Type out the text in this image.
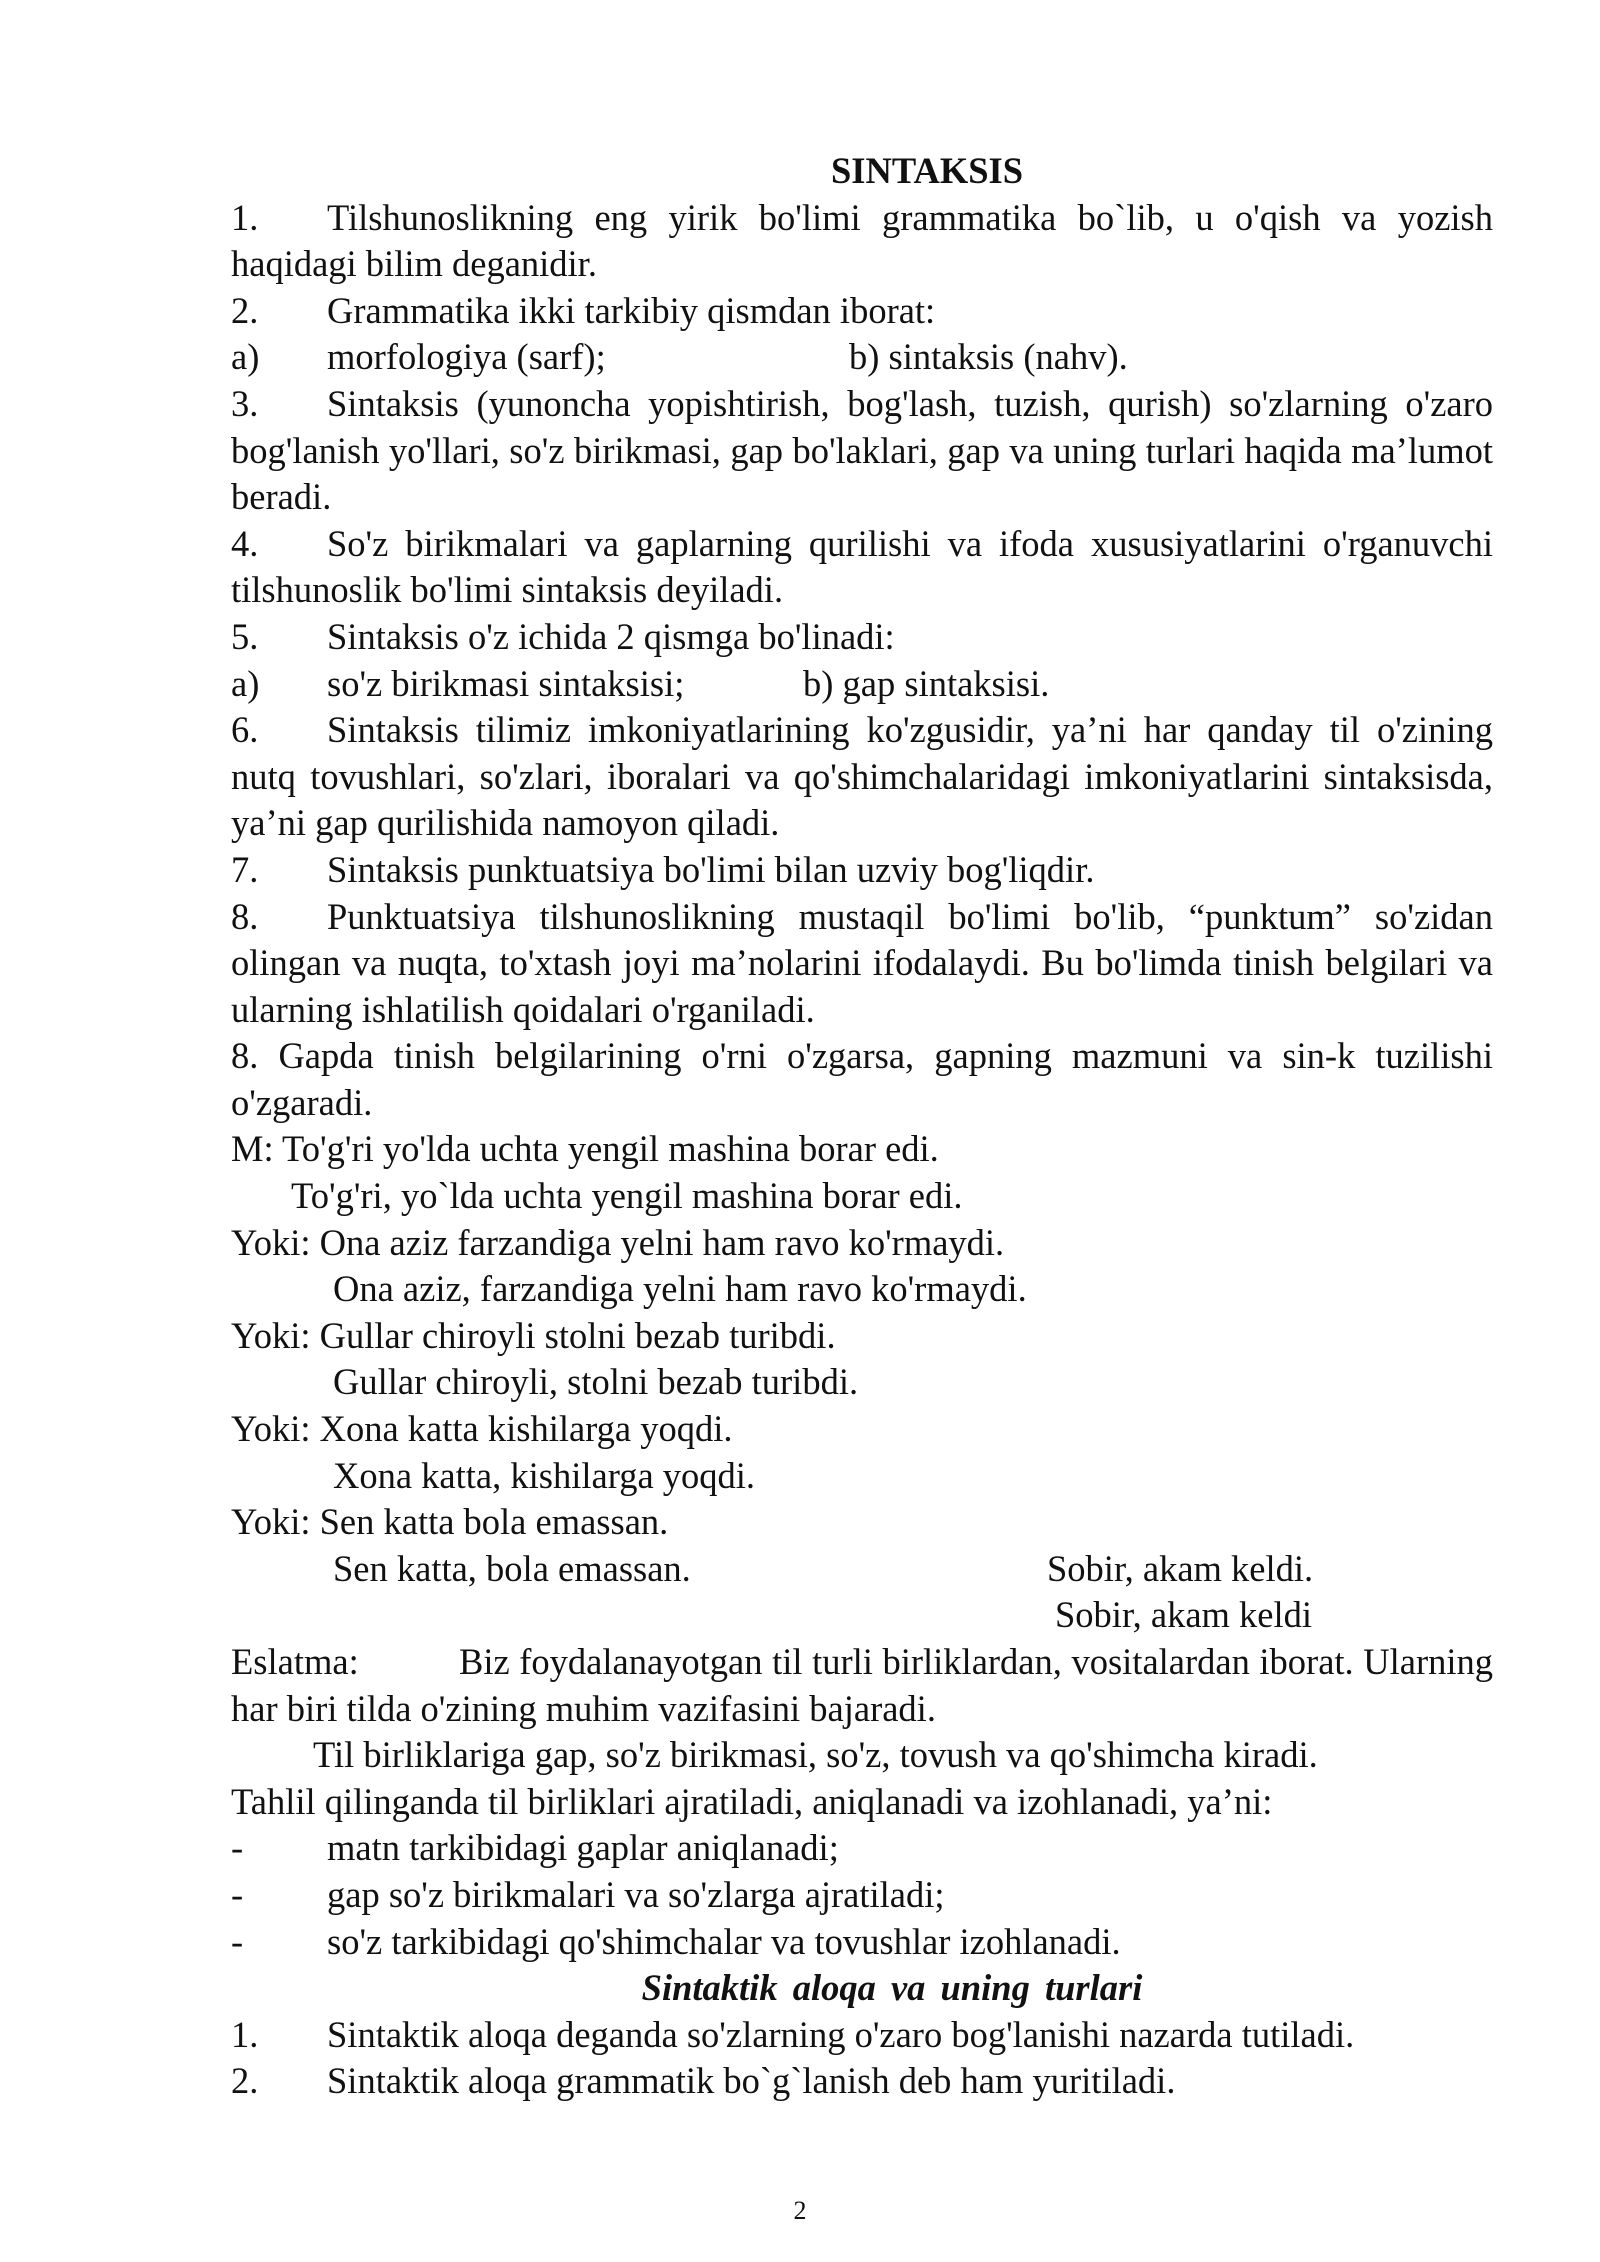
SINTAKSIS
1. Tilshunoslikning eng yirik bo'limi grammatika bo`lib, u o'qish va yozish haqidagi bilim deganidir.
2.	Grammatika ikki tarkibiy qismdan iborat:
a)	morfologiya (sarf);	b) sintaksis (nahv).
3. Sintaksis (yunoncha yopishtirish, bog'lash, tuzish, qurish) so'zlarning o'zaro bog'lanish yo'llari, so'z birikmasi, gap bo'laklari, gap va uning turlari haqida ma’lumot beradi.
4. So'z birikmalari va gaplarning qurilishi va ifoda xususiyatlarini o'rganuvchi tilshunoslik bo'limi sintaksis deyiladi.
5.	Sintaksis o'z ichida 2 qismga bo'linadi:
a)	so'z birikmasi sintaksisi;	b) gap sintaksisi.
6. Sintaksis tilimiz imkoniyatlarining ko'zgusidir, ya’ni har qanday til o'zining nutq tovushlari, so'zlari, iboralari va qo'shimchalaridagi imkoniyatlarini sintaksisda, ya’ni gap qurilishida namoyon qiladi.
7.	Sintaksis punktuatsiya bo'limi bilan uzviy bog'liqdir.
8. Punktuatsiya tilshunoslikning mustaqil bo'limi bo'lib, “punktum” so'zidan olingan va nuqta, to'xtash joyi ma’nolarini ifodalaydi. Bu bo'limda tinish belgilari va ularning ishlatilish qoidalari o'rganiladi.
8. Gapda tinish belgilarining o'rni o'zgarsa, gapning mazmuni va sin-k tuzilishi o'zgaradi.
M: To'g'ri yo'lda uchta yengil mashina borar edi.
To'g'ri, yo`lda uchta yengil mashina borar edi.
Yoki: Ona aziz farzandiga yelni ham ravo ko'rmaydi.
Ona aziz, farzandiga yelni ham ravo ko'rmaydi.
Yoki: Gullar chiroyli stolni bezab turibdi.
Gullar chiroyli, stolni bezab turibdi.
Yoki: Xona katta kishilarga yoqdi.
Xona katta, kishilarga yoqdi.
Yoki: Sen katta bola emassan.
Sen katta, bola emassan.	Sobir, akam keldi.
Sobir, akam keldi
Eslatma:	Biz foydalanayotgan til turli birliklardan, vositalardan iborat. Ularning har biri tilda o'zining muhim vazifasini bajaradi.
Til birliklariga gap, so'z birikmasi, so'z, tovush va qo'shimcha kiradi.
Tahlil qilinganda til birliklari ajratiladi, aniqlanadi va izohlanadi, ya’ni:
-	matn tarkibidagi gaplar aniqlanadi;
-	gap so'z birikmalari va so'zlarga ajratiladi;
-	so'z tarkibidagi qo'shimchalar va tovushlar izohlanadi.
Sintaktik aloqa va uning turlari
1.	Sintaktik aloqa deganda so'zlarning o'zaro bog'lanishi nazarda tutiladi.
2.	Sintaktik aloqa grammatik bo`g`lanish deb ham yuritiladi.
2
